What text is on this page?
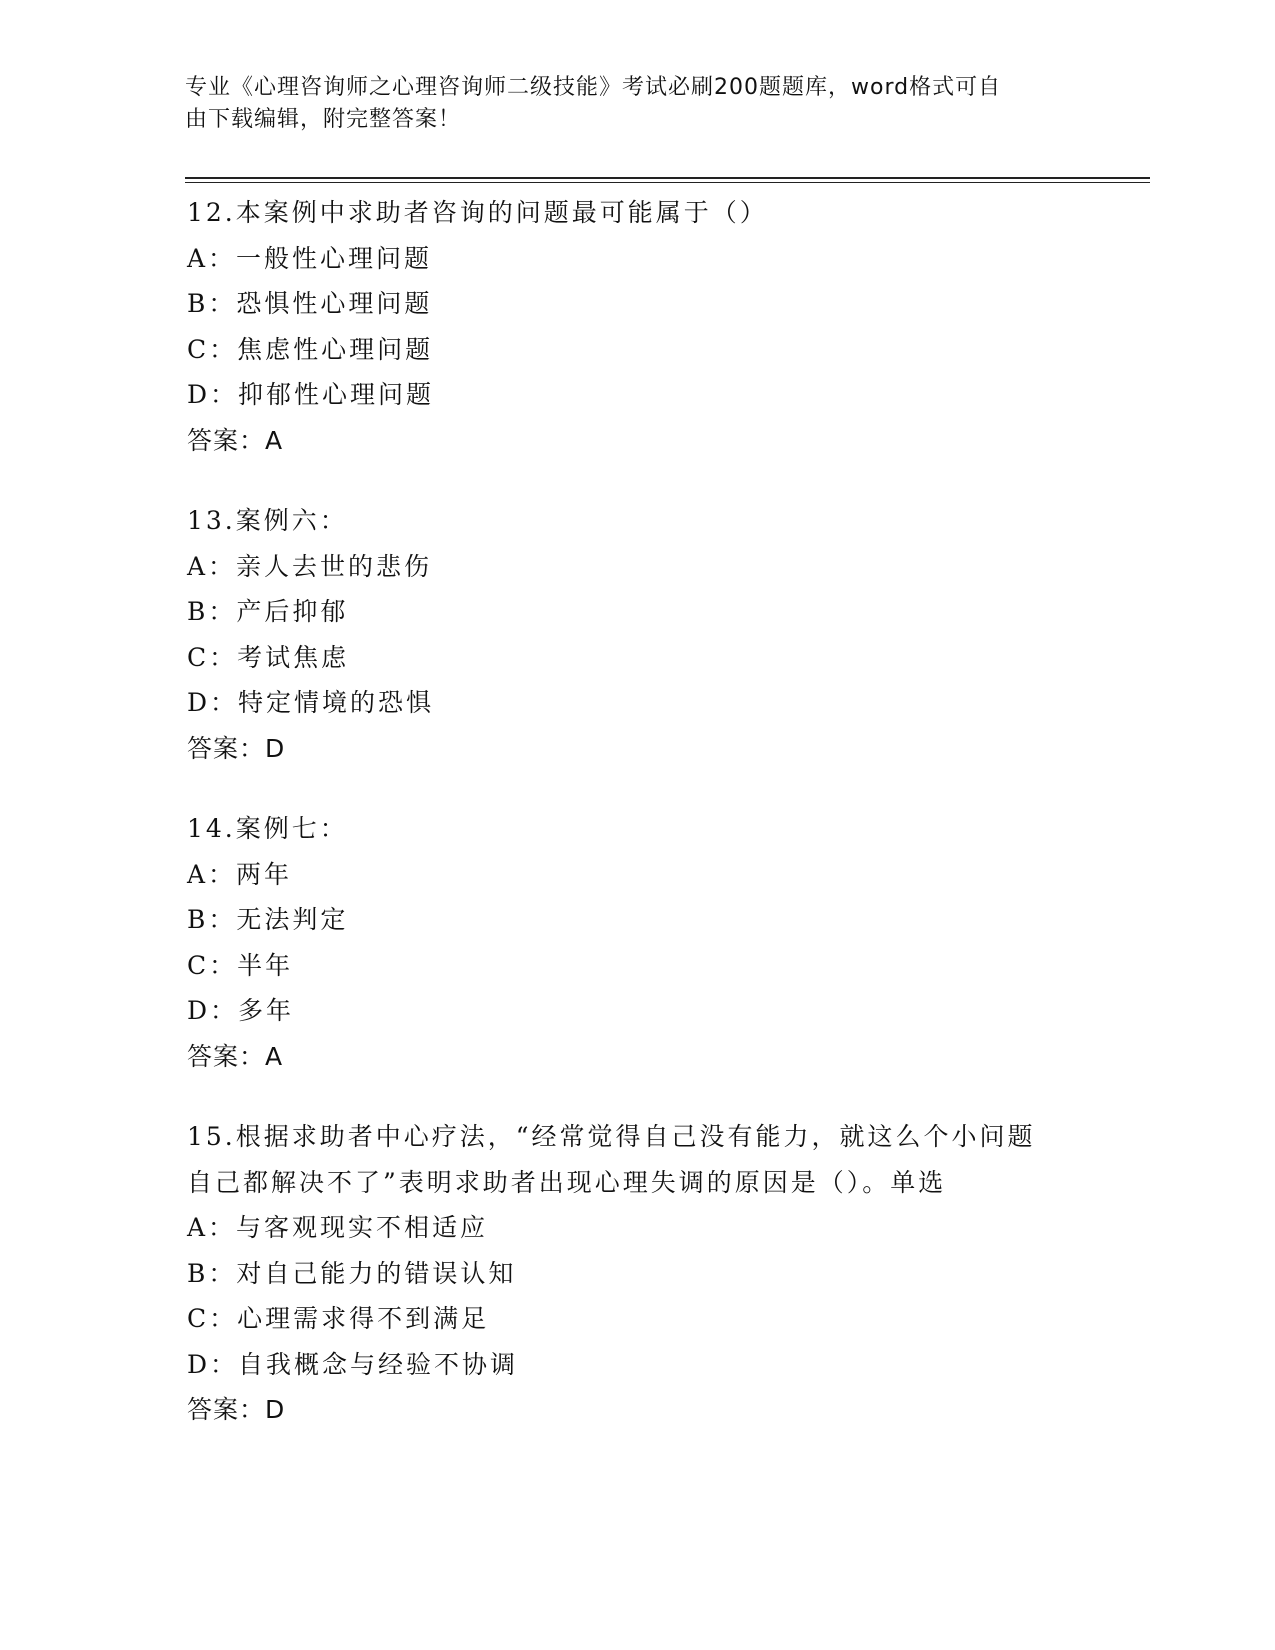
专业《心理咨询师之心理咨询师二级技能》考试必刷200题题库，word格式可自
由下载编辑，附完整答案！
12.本案例中求助者咨询的问题最可能属于（）
A：一般性心理问题
B：恐惧性心理问题
C：焦虑性心理问题
D：抑郁性心理问题
答案：A
13.案例六：
A：亲人去世的悲伤
B：产后抑郁
C：考试焦虑
D：特定情境的恐惧
答案：D
14.案例七：
A：两年
B：无法判定
C：半年
D：多年
答案：A
15.根据求助者中心疗法，“经常觉得自己没有能力，就这么个小问题
自己都解决不了”表明求助者出现心理失调的原因是（）。单选
A：与客观现实不相适应
B：对自己能力的错误认知
C：心理需求得不到满足
D：自我概念与经验不协调
答案：D
